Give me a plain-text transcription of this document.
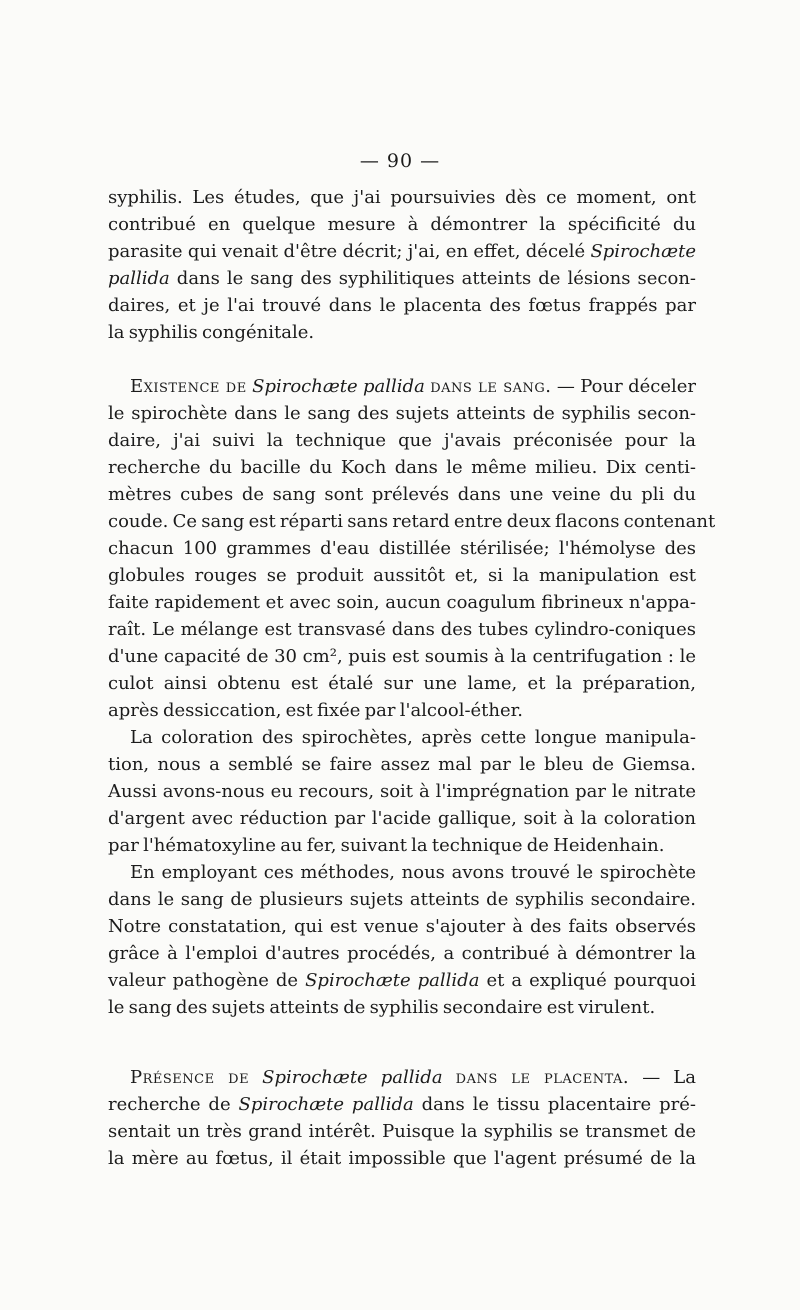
— 90 —
syphilis. Les études, que j'ai poursuivies dès ce moment, ont
contribué en quelque mesure à démontrer la spécificité du
parasite qui venait d'être décrit; j'ai, en effet, décelé Spirochæte
pallida dans le sang des syphilitiques atteints de lésions secon-
daires, et je l'ai trouvé dans le placenta des fœtus frappés par
la syphilis congénitale.
Existence de Spirochæte pallida dans le sang. — Pour déceler
le spirochète dans le sang des sujets atteints de syphilis secon-
daire, j'ai suivi la technique que j'avais préconisée pour la
recherche du bacille du Koch dans le même milieu. Dix centi-
mètres cubes de sang sont prélevés dans une veine du pli du
coude. Ce sang est réparti sans retard entre deux flacons contenant
chacun 100 grammes d'eau distillée stérilisée; l'hémolyse des
globules rouges se produit aussitôt et, si la manipulation est
faite rapidement et avec soin, aucun coagulum fibrineux n'appa-
raît. Le mélange est transvasé dans des tubes cylindro-coniques
d'une capacité de 30 cm², puis est soumis à la centrifugation : le
culot ainsi obtenu est étalé sur une lame, et la préparation,
après dessiccation, est fixée par l'alcool-éther.
La coloration des spirochètes, après cette longue manipula-
tion, nous a semblé se faire assez mal par le bleu de Giemsa.
Aussi avons-nous eu recours, soit à l'imprégnation par le nitrate
d'argent avec réduction par l'acide gallique, soit à la coloration
par l'hématoxyline au fer, suivant la technique de Heidenhain.
En employant ces méthodes, nous avons trouvé le spirochète
dans le sang de plusieurs sujets atteints de syphilis secondaire.
Notre constatation, qui est venue s'ajouter à des faits observés
grâce à l'emploi d'autres procédés, a contribué à démontrer la
valeur pathogène de Spirochæte pallida et a expliqué pourquoi
le sang des sujets atteints de syphilis secondaire est virulent.
Présence de Spirochæte pallida dans le placenta. — La
recherche de Spirochæte pallida dans le tissu placentaire pré-
sentait un très grand intérêt. Puisque la syphilis se transmet de
la mère au fœtus, il était impossible que l'agent présumé de la
